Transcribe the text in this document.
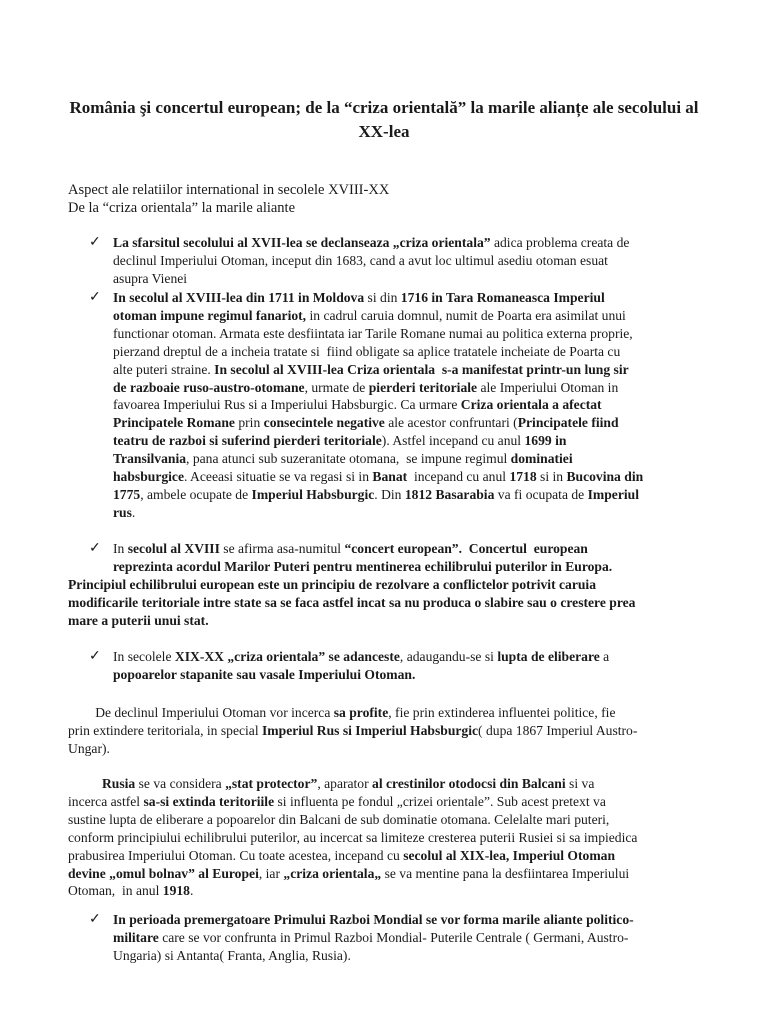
România şi concertul european; de la “criza orientală” la marile alianțe ale secolului al XX-lea
Aspect ale relatiilor international in secolele XVIII-XX
De la “criza orientala” la marile aliante
✓ La sfarsitul secolului al XVII-lea se declanseaza „criza orientala” adica problema creata de
declinul Imperiului Otoman, inceput din 1683, cand a avut loc ultimul asediu otoman esuat
asupra Vienei
✓ In secolul al XVIII-lea din 1711 in Moldova si din 1716 in Tara Romaneasca Imperiul
otoman impune regimul fanariot, in cadrul caruia domnul, numit de Poarta era asimilat unui
functionar otoman. Armata este desfiintata iar Tarile Romane numai au politica externa proprie,
pierzand dreptul de a incheia tratate si  fiind obligate sa aplice tratatele incheiate de Poarta cu
alte puteri straine. In secolul al XVIII-lea Criza orientala  s-a manifestat printr-un lung sir
de razboaie ruso-austro-otomane, urmate de pierderi teritoriale ale Imperiului Otoman in
favoarea Imperiului Rus si a Imperiului Habsburgic. Ca urmare Criza orientala a afectat
Principatele Romane prin consecintele negative ale acestor confruntari (Principatele fiind
teatru de razboi si suferind pierderi teritoriale). Astfel incepand cu anul 1699 in
Transilvania, pana atunci sub suzeranitate otomana,  se impune regimul dominatiei
habsburgice. Aceeasi situatie se va regasi si in Banat  incepand cu anul 1718 si in Bucovina din
1775, ambele ocupate de Imperiul Habsburgic. Din 1812 Basarabia va fi ocupata de Imperiul
rus.
✓ In secolul al XVIII se afirma asa-numitul “concert european”.  Concertul  european
reprezinta acordul Marilor Puteri pentru mentinerea echilibrului puterilor in Europa.
Principiul echilibrului european este un principiu de rezolvare a conflictelor potrivit caruia
modificarile teritoriale intre state sa se faca astfel incat sa nu produca o slabire sau o crestere prea
mare a puterii unui stat.
✓ In secolele XIX-XX „criza orientala” se adanceste, adaugandu-se si lupta de eliberare a
popoarelor stapanite sau vasale Imperiului Otoman.
De declinul Imperiului Otoman vor incerca sa profite, fie prin extinderea influentei politice, fie
prin extindere teritoriala, in special Imperiul Rus si Imperiul Habsburgic( dupa 1867 Imperiul Austro-
Ungar).
Rusia se va considera „stat protector”, aparator al crestinilor otodocsi din Balcani si va
incerca astfel sa-si extinda teritoriile si influenta pe fondul „crizei orientale”. Sub acest pretext va
sustine lupta de eliberare a popoarelor din Balcani de sub dominatie otomana. Celelalte mari puteri,
conform principiului echilibrului puterilor, au incercat sa limiteze cresterea puterii Rusiei si sa impiedica
prabusirea Imperiului Otoman. Cu toate acestea, incepand cu secolul al XIX-lea, Imperiul Otoman
devine „omul bolnav” al Europei, iar „criza orientala„ se va mentine pana la desfiintarea Imperiului
Otoman,  in anul 1918.
✓ In perioada premergatoare Primului Razboi Mondial se vor forma marile aliante politico-
militare care se vor confrunta in Primul Razboi Mondial- Puterile Centrale ( Germani, Austro-
Ungaria) si Antanta( Franta, Anglia, Rusia).
